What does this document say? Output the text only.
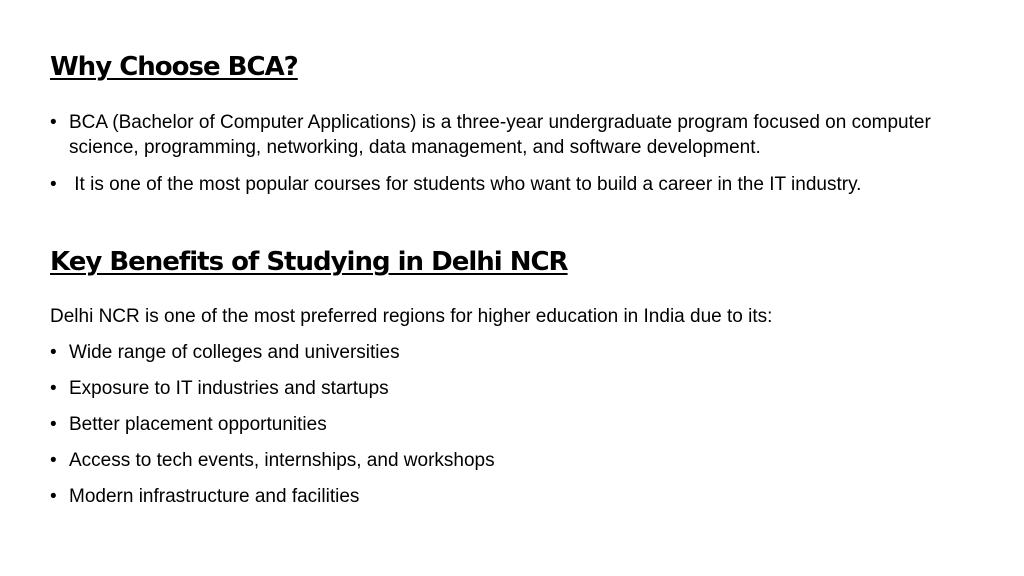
Why Choose BCA?
• BCA (Bachelor of Computer Applications) is a three-year undergraduate program focused on computer science, programming, networking, data management, and software development.
• It is one of the most popular courses for students who want to build a career in the IT industry.
Key Benefits of Studying in Delhi NCR

Delhi NCR is one of the most preferred regions for higher education in India due to its:

• Wide range of colleges and universities
• Exposure to IT industries and startups
• Better placement opportunities
• Access to tech events, internships, and workshops
• Modern infrastructure and facilities
